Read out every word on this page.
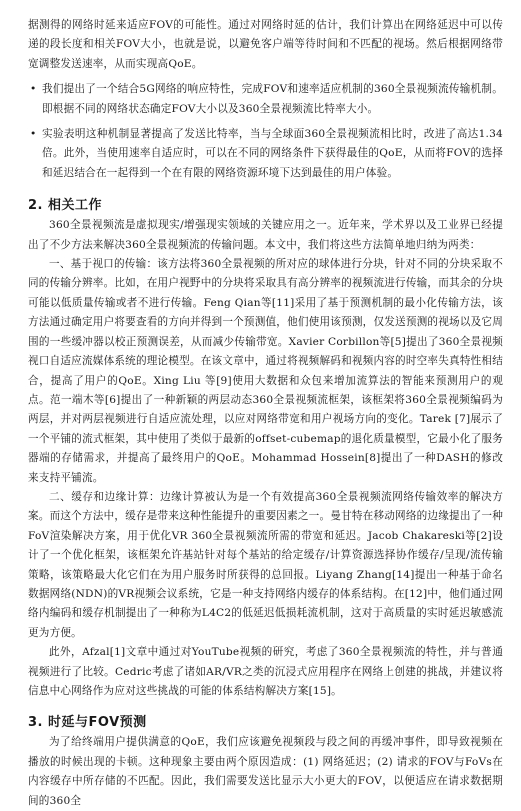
据测得的网络时延来适应FOV的可能性。通过对网络时延的估计，我们计算出在网络延迟中可以传递的段长度和相关FOV大小，也就是说，以避免客户端等待时间和不匹配的视场。然后根据网络带宽调整发送速率，从而实现高QoE。

• 我们提出了一个结合5G网络的响应特性，完成FOV和速率适应机制的360全景视频流传输机制。即根据不同的网络状态确定FOV大小以及360全景视频流比特率大小。

• 实验表明这种机制显著提高了发送比特率，当与全球面360全景视频流相比时，改进了高达1.34倍。此外，当使用速率自适应时，可以在不同的网络条件下获得最佳的QoE，从而将FOV的选择和延迟结合在一起得到一个在有限的网络资源环境下达到最佳的用户体验。

2. 相关工作

360全景视频流是虚拟现实/增强现实领域的关键应用之一。近年来，学术界以及工业界已经提出了不少方法来解决360全景视频流的传输问题。本文中，我们将这些方法简单地归纳为两类：

一、基于视口的传输：该方法将360全景视频的所对应的球体进行分块，针对不同的分块采取不同的传输分辨率。比如，在用户视野中的分块将采取具有高分辨率的视频流进行传输，而其余的分块可能以低质量传输或者不进行传输。Feng Qian等[11]采用了基于预测机制的最小化传输方法，该方法通过确定用户将要查看的方向并得到一个预测值，他们使用该预测，仅发送预测的视场以及它周围的一些缓冲器以校正预测误差，从而减少传输带宽。Xavier Corbillon等[5]提出了360全景视频视口自适应流媒体系统的理论模型。在该文章中，通过将视频解码和视频内容的时空率失真特性相结合，提高了用户的QoE。Xing Liu 等[9]使用大数据和众包来增加流算法的智能来预测用户的观点。范一端木等[6]提出了一种新颖的两层动态360全景视频流框架，该框架将360全景视频编码为两层，并对两层视频进行自适应流处理，以应对网络带宽和用户视场方向的变化。Tarek [7]展示了一个平铺的流式框架，其中使用了类似于最新的offset-cubemap的退化质量模型，它最小化了服务器端的存储需求，并提高了最终用户的QoE。Mohammad Hossein[8]提出了一种DASH的修改来支持平铺流。

二、缓存和边缘计算：边缘计算被认为是一个有效提高360全景视频流网络传输效率的解决方案。而这个方法中，缓存是带来这种性能提升的重要因素之一。曼甘特在移动网络的边缘提出了一种FoV渲染解决方案，用于优化VR 360全景视频流所需的带宽和延迟。Jacob Chakareski等[2]设计了一个优化框架，该框架允许基站针对每个基站的给定缓存/计算资源选择协作缓存/呈现/流传输策略，该策略最大化它们在为用户服务时所获得的总回报。Liyang Zhang[14]提出一种基于命名数据网络(NDN)的VR视频会议系统，它是一种支持网络内缓存的体系结构。在[12]中，他们通过网络内编码和缓存机制提出了一种称为L4C2的低延迟低损耗流机制，这对于高质量的实时延迟敏感流更为方便。

此外，Afzal[1]文章中通过对YouTube视频的研究，考虑了360全景视频流的特性，并与普通视频进行了比较。Cedric考虑了诸如AR/VR之类的沉浸式应用程序在网络上创建的挑战，并建议将信息中心网络作为应对这些挑战的可能的体系结构解决方案[15]。

3. 时延与FOV预测

为了给终端用户提供满意的QoE，我们应该避免视频段与段之间的再缓冲事件，即导致视频在播放的时候出现的卡顿。这种现象主要由两个原因造成：(1) 网络延迟；(2) 请求的FOV与FoVs在内容缓存中所存储的不匹配。因此，我们需要发送比显示大小更大的FOV，以便适应在请求数据期间的360全
